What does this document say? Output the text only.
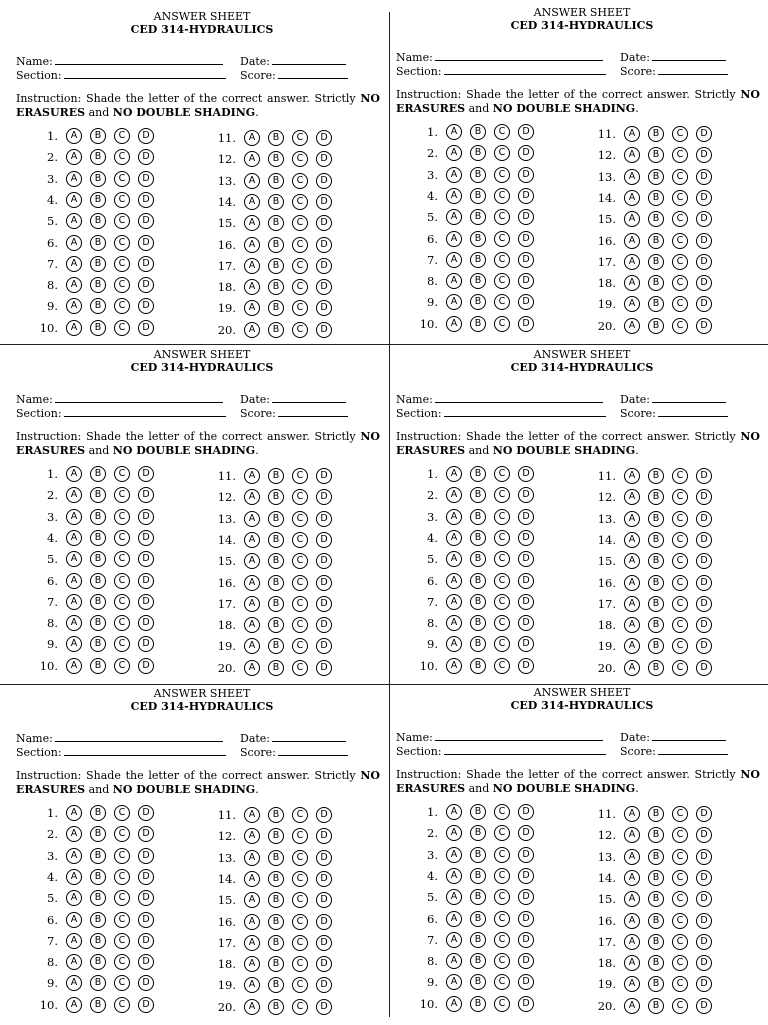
ANSWER SHEET
CED 314-HYDRAULICS
Name:	Date:
Section:	Score:
Instruction: Shade the letter of the correct answer. Strictly NO ERASURES and NO DOUBLE SHADING.
1.	A	B	C	D
2.	A	B	C	D
3.	A	B	C	D
4.	A	B	C	D
5.	A	B	C	D
6.	A	B	C	D
7.	A	B	C	D
8.	A	B	C	D
9.	A	B	C	D
10.	A	B	C	D
11.	A	B	C	D
12.	A	B	C	D
13.	A	B	C	D
14.	A	B	C	D
15.	A	B	C	D
16.	A	B	C	D
17.	A	B	C	D
18.	A	B	C	D
19.	A	B	C	D
20.	A	B	C	D
ANSWER SHEET
CED 314-HYDRAULICS
Name:	Date:
Section:	Score:
Instruction: Shade the letter of the correct answer. Strictly NO ERASURES and NO DOUBLE SHADING.
1.	A	B	C	D
2.	A	B	C	D
3.	A	B	C	D
4.	A	B	C	D
5.	A	B	C	D
6.	A	B	C	D
7.	A	B	C	D
8.	A	B	C	D
9.	A	B	C	D
10.	A	B	C	D
11.	A	B	C	D
12.	A	B	C	D
13.	A	B	C	D
14.	A	B	C	D
15.	A	B	C	D
16.	A	B	C	D
17.	A	B	C	D
18.	A	B	C	D
19.	A	B	C	D
20.	A	B	C	D
ANSWER SHEET
CED 314-HYDRAULICS
Name:	Date:
Section:	Score:
Instruction: Shade the letter of the correct answer. Strictly NO ERASURES and NO DOUBLE SHADING.
1.	A	B	C	D
2.	A	B	C	D
3.	A	B	C	D
4.	A	B	C	D
5.	A	B	C	D
6.	A	B	C	D
7.	A	B	C	D
8.	A	B	C	D
9.	A	B	C	D
10.	A	B	C	D
11.	A	B	C	D
12.	A	B	C	D
13.	A	B	C	D
14.	A	B	C	D
15.	A	B	C	D
16.	A	B	C	D
17.	A	B	C	D
18.	A	B	C	D
19.	A	B	C	D
20.	A	B	C	D
ANSWER SHEET
CED 314-HYDRAULICS
Name:	Date:
Section:	Score:
Instruction: Shade the letter of the correct answer. Strictly NO ERASURES and NO DOUBLE SHADING.
1.	A	B	C	D
2.	A	B	C	D
3.	A	B	C	D
4.	A	B	C	D
5.	A	B	C	D
6.	A	B	C	D
7.	A	B	C	D
8.	A	B	C	D
9.	A	B	C	D
10.	A	B	C	D
11.	A	B	C	D
12.	A	B	C	D
13.	A	B	C	D
14.	A	B	C	D
15.	A	B	C	D
16.	A	B	C	D
17.	A	B	C	D
18.	A	B	C	D
19.	A	B	C	D
20.	A	B	C	D
ANSWER SHEET
CED 314-HYDRAULICS
Name:	Date:
Section:	Score:
Instruction: Shade the letter of the correct answer. Strictly NO ERASURES and NO DOUBLE SHADING.
1.	A	B	C	D
2.	A	B	C	D
3.	A	B	C	D
4.	A	B	C	D
5.	A	B	C	D
6.	A	B	C	D
7.	A	B	C	D
8.	A	B	C	D
9.	A	B	C	D
10.	A	B	C	D
11.	A	B	C	D
12.	A	B	C	D
13.	A	B	C	D
14.	A	B	C	D
15.	A	B	C	D
16.	A	B	C	D
17.	A	B	C	D
18.	A	B	C	D
19.	A	B	C	D
20.	A	B	C	D
ANSWER SHEET
CED 314-HYDRAULICS
Name:	Date:
Section:	Score:
Instruction: Shade the letter of the correct answer. Strictly NO ERASURES and NO DOUBLE SHADING.
1.	A	B	C	D
2.	A	B	C	D
3.	A	B	C	D
4.	A	B	C	D
5.	A	B	C	D
6.	A	B	C	D
7.	A	B	C	D
8.	A	B	C	D
9.	A	B	C	D
10.	A	B	C	D
11.	A	B	C	D
12.	A	B	C	D
13.	A	B	C	D
14.	A	B	C	D
15.	A	B	C	D
16.	A	B	C	D
17.	A	B	C	D
18.	A	B	C	D
19.	A	B	C	D
20.	A	B	C	D
